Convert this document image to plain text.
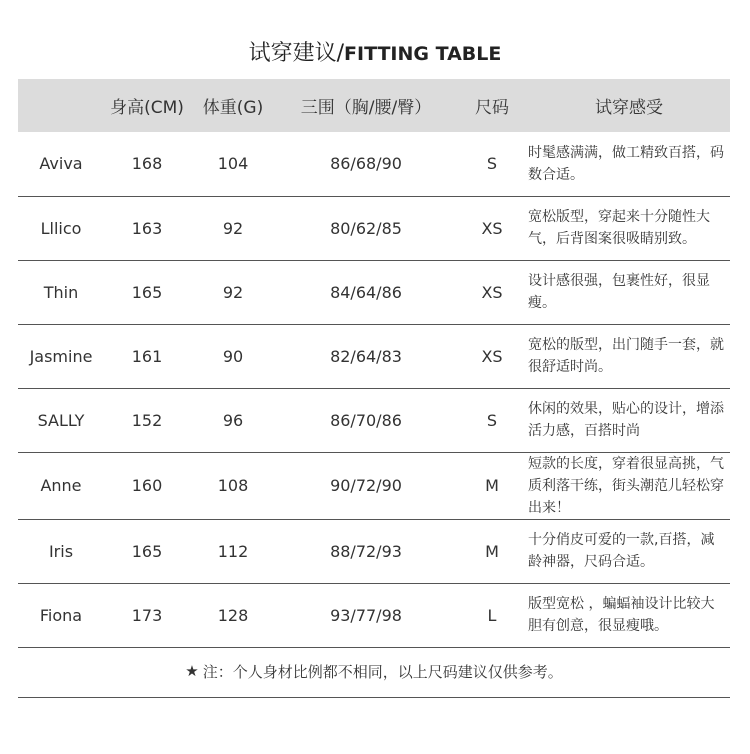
试穿建议/FITTING TABLE
	身高(CM)	体重(G)	三围（胸/腰/臀）	尺码	试穿感受
Aviva	168	104	86/68/90	S	时髦感满满，做工精致百搭，码数合适。
Lllico	163	92	80/62/85	XS	宽松版型，穿起来十分随性大气，后背图案很吸睛别致。
Thin	165	92	84/64/86	XS	设计感很强，包裹性好，很显瘦。
Jasmine	161	90	82/64/83	XS	宽松的版型，出门随手一套，就很舒适时尚。
SALLY	152	96	86/70/86	S	休闲的效果，贴心的设计，增添活力感，百搭时尚
Anne	160	108	90/72/90	M	短款的长度，穿着很显高挑，气质利落干练，街头潮范儿轻松穿出来！
Iris	165	112	88/72/93	M	十分俏皮可爱的一款,百搭，减龄神器，尺码合适。
Fiona	173	128	93/77/98	L	版型宽松 ，蝙蝠袖设计比较大胆有创意，很显瘦哦。
★ 注：个人身材比例都不相同，以上尺码建议仅供参考。
